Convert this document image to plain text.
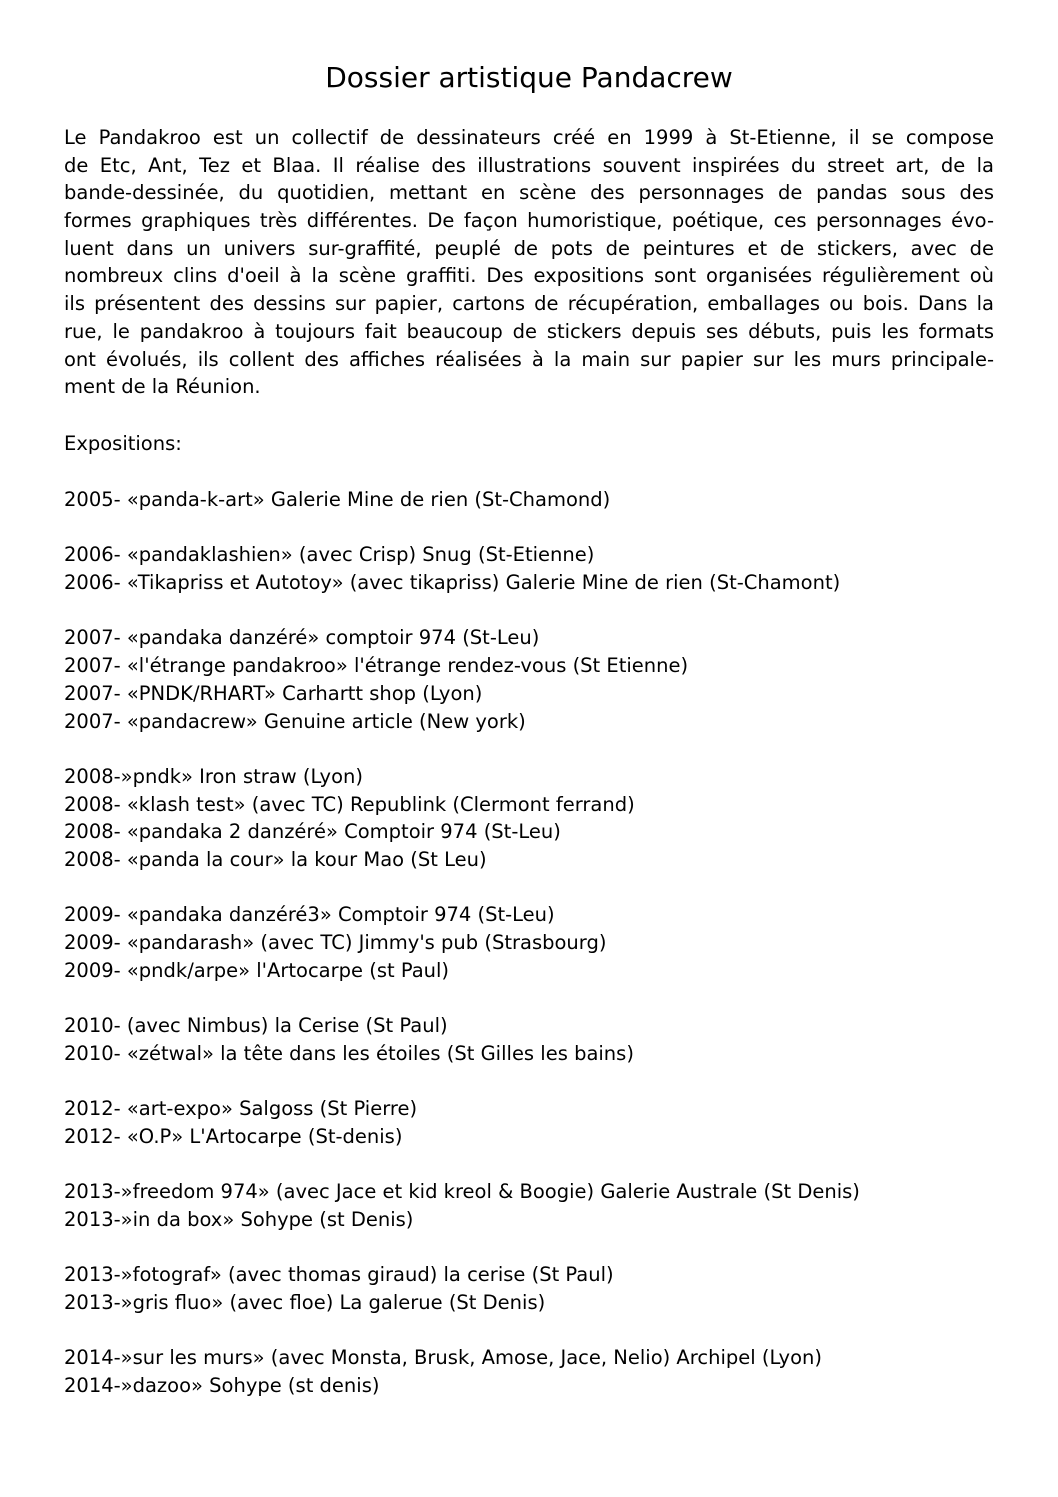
Dossier artistique Pandacrew
Le Pandakroo est un collectif de dessinateurs créé en 1999 à St-Etienne, il se compose
de Etc, Ant, Tez et Blaa. Il réalise des illustrations souvent inspirées du street art, de la
bande-dessinée, du quotidien, mettant en scène des personnages de pandas sous des
formes graphiques très différentes. De façon humoristique, poétique, ces personnages évo-
luent dans un univers sur-graffité, peuplé de pots de peintures et de stickers, avec de
nombreux clins d'oeil à la scène graffiti. Des expositions sont organisées régulièrement où
ils présentent des dessins sur papier, cartons de récupération, emballages ou bois. Dans la
rue, le pandakroo à toujours fait beaucoup de stickers depuis ses débuts, puis les formats
ont évolués, ils collent des affiches réalisées à la main sur papier sur les murs principale-
ment de la Réunion.

Expositions:

2005- «panda-k-art» Galerie Mine de rien (St-Chamond)
2006- «pandaklashien» (avec Crisp) Snug (St-Etienne)
2006- «Tikapriss et Autotoy» (avec tikapriss) Galerie Mine de rien (St-Chamont)
2007- «pandaka danzéré» comptoir 974 (St-Leu)
2007- «l'étrange pandakroo» l'étrange rendez-vous (St Etienne)
2007- «PNDK/RHART» Carhartt shop (Lyon)
2007- «pandacrew» Genuine article (New york)
2008-»pndk» Iron straw (Lyon)
2008- «klash test» (avec TC) Republink (Clermont ferrand)
2008- «pandaka 2 danzéré» Comptoir 974 (St-Leu)
2008- «panda la cour» la kour Mao (St Leu)
2009- «pandaka danzéré3» Comptoir 974 (St-Leu)
2009- «pandarash» (avec TC) Jimmy's pub (Strasbourg)
2009- «pndk/arpe» l'Artocarpe (st Paul)
2010- (avec Nimbus) la Cerise (St Paul)
2010- «zétwal» la tête dans les étoiles (St Gilles les bains)
2012- «art-expo» Salgoss (St Pierre)
2012- «O.P» L'Artocarpe (St-denis)
2013-»freedom 974» (avec Jace et kid kreol & Boogie) Galerie Australe (St Denis)
2013-»in da box» Sohype (st Denis)
2013-»fotograf» (avec thomas giraud) la cerise (St Paul)
2013-»gris fluo» (avec floe) La galerue (St Denis)
2014-»sur les murs» (avec Monsta, Brusk, Amose, Jace, Nelio) Archipel (Lyon)
2014-»dazoo» Sohype (st denis)
